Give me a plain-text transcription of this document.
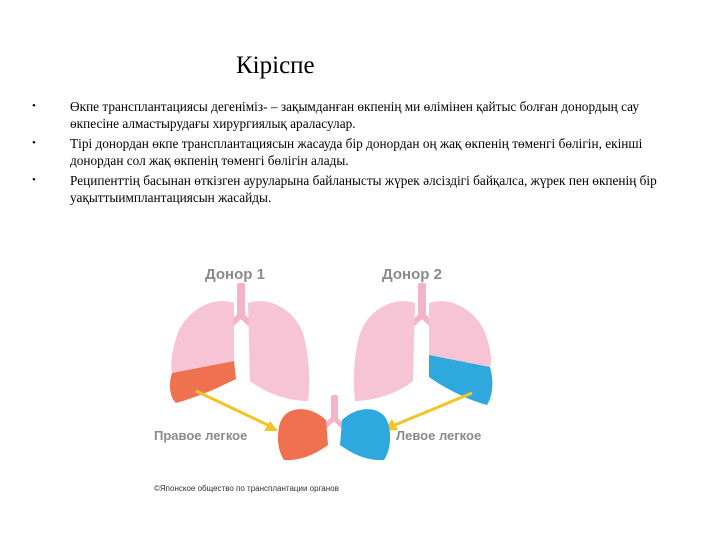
Кіріспе
•	Өкпе трансплантациясы дегеніміз- – зақымданған өкпенің ми өлімінен қайтыс болған донордың сау өкпесіне алмастырудағы хирургиялық араласулар.
•	Тірі донордан өкпе трансплантациясын жасауда бір донордан оң жақ өкпенің төменгі бөлігін, екінші донордан сол жақ өкпенің төменгі бөлігін алады.
•	Реципенттің басынан өткізген ауруларына байланысты жүрек әлсіздігі байқалса, жүрек пен өкпенің бір уақыттыимплантациясын жасайды.
Донор 1	Донор 2
Правое легкое	Левое легкое
©Японское общество по трансплантации органов
